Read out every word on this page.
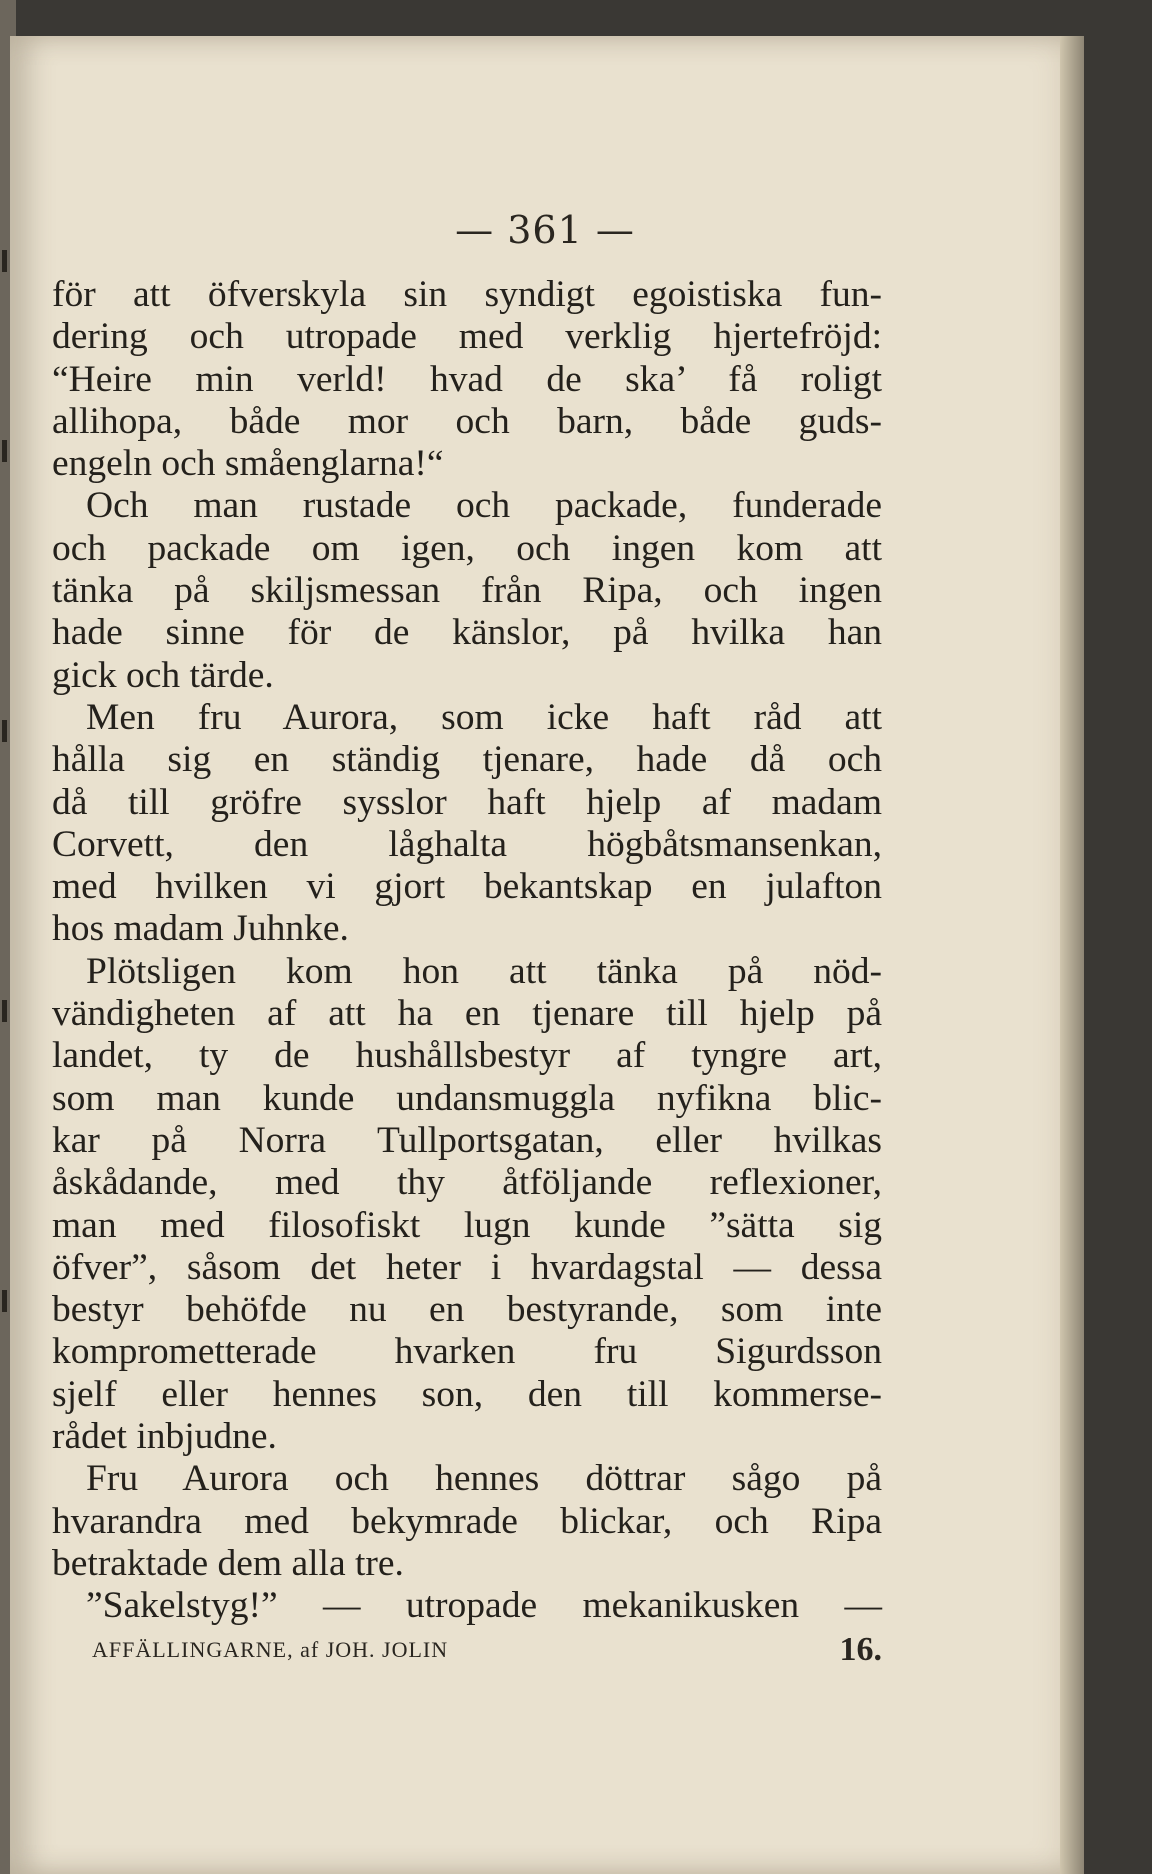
— 361 —
för att öfverskyla sin syndigt egoistiska fun-
dering och utropade med verklig hjertefröjd:
“Heire min verld! hvad de ska’ få roligt
allihopa, både mor och barn, både guds-
engeln och småenglarna!“
Och man rustade och packade, funderade
och packade om igen, och ingen kom att
tänka på skiljsmessan från Ripa, och ingen
hade sinne för de känslor, på hvilka han
gick och tärde.
Men fru Aurora, som icke haft råd att
hålla sig en ständig tjenare, hade då och
då till gröfre sysslor haft hjelp af madam
Corvett, den låghalta högbåtsmansenkan,
med hvilken vi gjort bekantskap en julafton
hos madam Juhnke.
Plötsligen kom hon att tänka på nöd-
vändigheten af att ha en tjenare till hjelp på
landet, ty de hushållsbestyr af tyngre art,
som man kunde undansmuggla nyfikna blic-
kar på Norra Tullportsgatan, eller hvilkas
åskådande, med thy åtföljande reflexioner,
man med filosofiskt lugn kunde ”sätta sig
öfver”, såsom det heter i hvardagstal — dessa
bestyr behöfde nu en bestyrande, som inte
komprometterade hvarken fru Sigurdsson
sjelf eller hennes son, den till kommerse-
rådet inbjudne.
Fru Aurora och hennes döttrar sågo på
hvarandra med bekymrade blickar, och Ripa
betraktade dem alla tre.
”Sakelstyg!” — utropade mekanikusken —
AFFÄLLINGARNE, af JOH. JOLIN	16.
